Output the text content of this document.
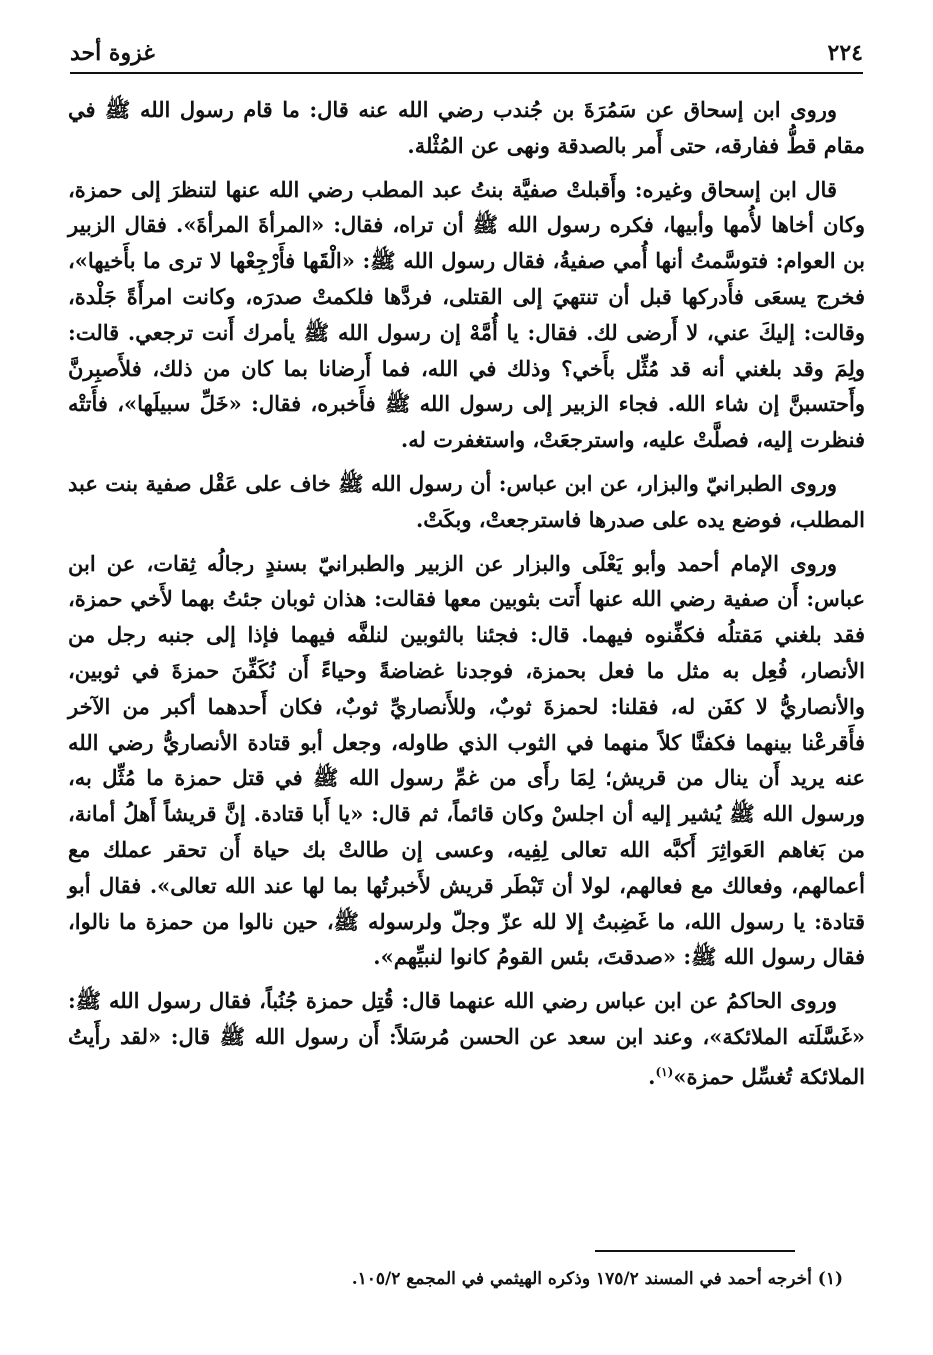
٢٢٤
غزوة أحد

وروى ابن إسحاق عن سَمُرَةَ بن جُندب رضي الله عنه قال: ما قام رسول الله ﷺ في مقام قطُّ ففارقه، حتى أَمر بالصدقة ونهى عن المُثْلة.

قال ابن إسحاق وغيره: وأَقبلتْ صفيَّة بنتُ عبد المطب رضي الله عنها لتنظرَ إلى حمزة، وكان أخاها لأُمها وأبيها، فكره رسول الله ﷺ أن تراه، فقال: «المرأةَ المرأةَ». فقال الزبير بن العوام: فتوسَّمتُ أنها أُمي صفيةُ، فقال رسول الله ﷺ: «الْقَها فأَرْجِعْها لا ترى ما بأَخيها»، فخرج يسعَى فأَدركها قبل أن تنتهيَ إلى القتلى، فردَّها فلكمتْ صدرَه، وكانت امرأَةً جَلْدة، وقالت: إليكَ عني، لا أَرضى لك. فقال: يا أُمَّهْ إن رسول الله ﷺ يأمرك أَنت ترجعي. قالت: ولِمَ وقد بلغني أنه قد مُثِّل بأَخي؟ وذلك في الله، فما أَرضانا بما كان من ذلك، فلأَصبِرنَّ وأَحتسبنَّ إن شاء الله. فجاء الزبير إلى رسول الله ﷺ فأَخبره، فقال: «خَلِّ سبيلَها»، فأَتتْه فنظرت إليه، فصلَّتْ عليه، واسترجعَتْ، واستغفرت له.

وروى الطبرانيّ والبزار، عن ابن عباس: أن رسول الله ﷺ خاف على عَقْل صفية بنت عبد المطلب، فوضع يده على صدرها فاسترجعتْ، وبكَتْ.

وروى الإمام أحمد وأبو يَعْلَى والبزار عن الزبير والطبرانيّ بسندٍ رجالُه ثِقات، عن ابن عباس: أَن صفية رضي الله عنها أَتت بثوبين معها فقالت: هذان ثوبان جئتُ بهما لأَخي حمزة، فقد بلغني مَقتلُه فكفِّنوه فيهما. قال: فجئنا بالثوبين لنلفَّه فيهما فإذا إلى جنبه رجل من الأنصار، فُعِل به مثل ما فعل بحمزة، فوجدنا غضاضةً وحياءً أَن نُكَفِّنَ حمزةَ في ثوبين، والأنصاريُّ لا كفَن له، فقلنا: لحمزةَ ثوبٌ، وللأَنصاريِّ ثوبٌ، فكان أَحدهما أكبر من الآخر فأَقرعْنا بينهما فكفنَّا كلاً منهما في الثوب الذي طاوله، وجعل أبو قتادة الأنصاريُّ رضي الله عنه يريد أَن ينال من قريش؛ لِمَا رأَى من غمِّ رسول الله ﷺ في قتل حمزة ما مُثِّل به، ورسول الله ﷺ يُشير إليه أن اجلسْ وكان قائماً، ثم قال: «يا أَبا قتادة. إنَّ قريشاً أَهلُ أمانة، من بَغاهم العَواثِرَ أَكبَّه الله تعالى لِفِيه، وعسى إن طالتْ بك حياة أَن تحقر عملك مع أعمالهم، وفعالك مع فعالهم، لولا أن تَبْطَر قريش لأَخبرتُها بما لها عند الله تعالى». فقال أبو قتادة: يا رسول الله، ما غَضِبتُ إلا لله عزّ وجلّ ولرسوله ﷺ، حين نالوا من حمزة ما نالوا، فقال رسول الله ﷺ: «صدقتَ، بئس القومُ كانوا لنبيِّهم».

وروى الحاكمُ عن ابن عباس رضي الله عنهما قال: قُتِل حمزة جُنُباً، فقال رسول الله ﷺ: «غَسَّلَته الملائكة»، وعند ابن سعد عن الحسن مُرسَلاً: أَن رسول الله ﷺ قال: «لقد رأَيتُ الملائكة تُغسِّل حمزة»$^{(١)}$.

(١) أخرجه أحمد في المسند ١٧٥/٢ وذكره الهيثمي في المجمع ١٠٥/٢.
